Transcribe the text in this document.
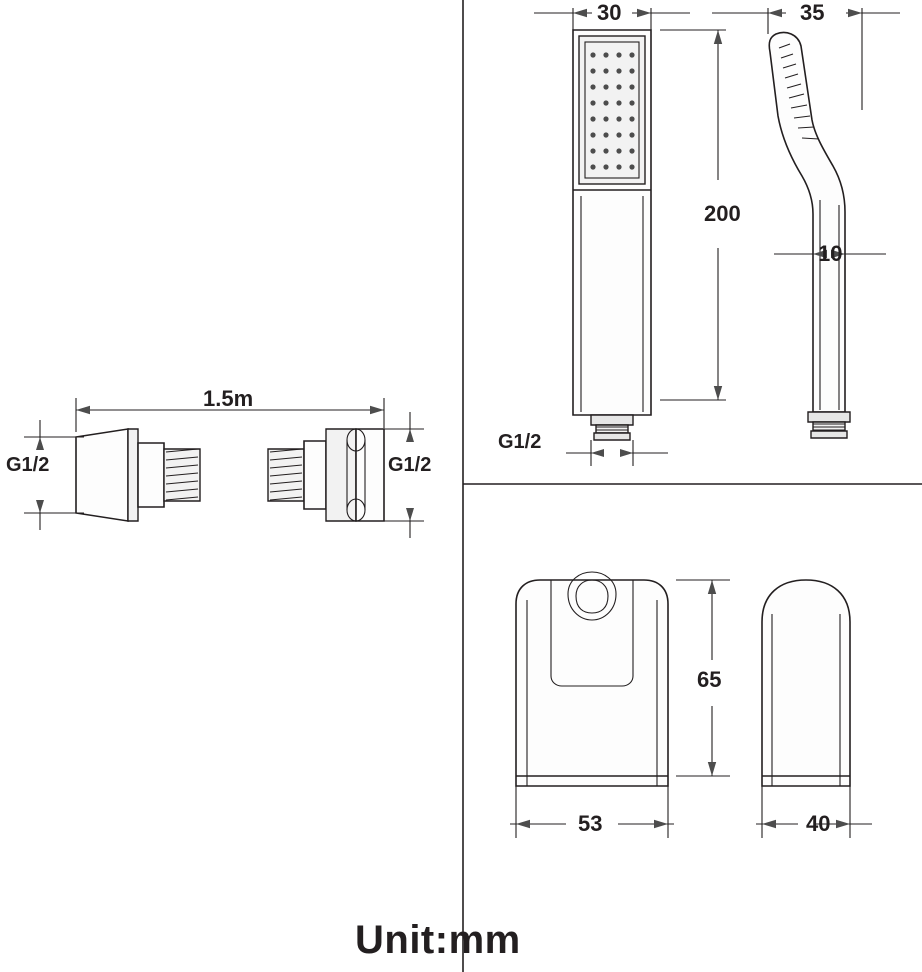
30	35
200
10
G1/2
1.5m
G1/2	G1/2
65
53	40
Unit:mm
